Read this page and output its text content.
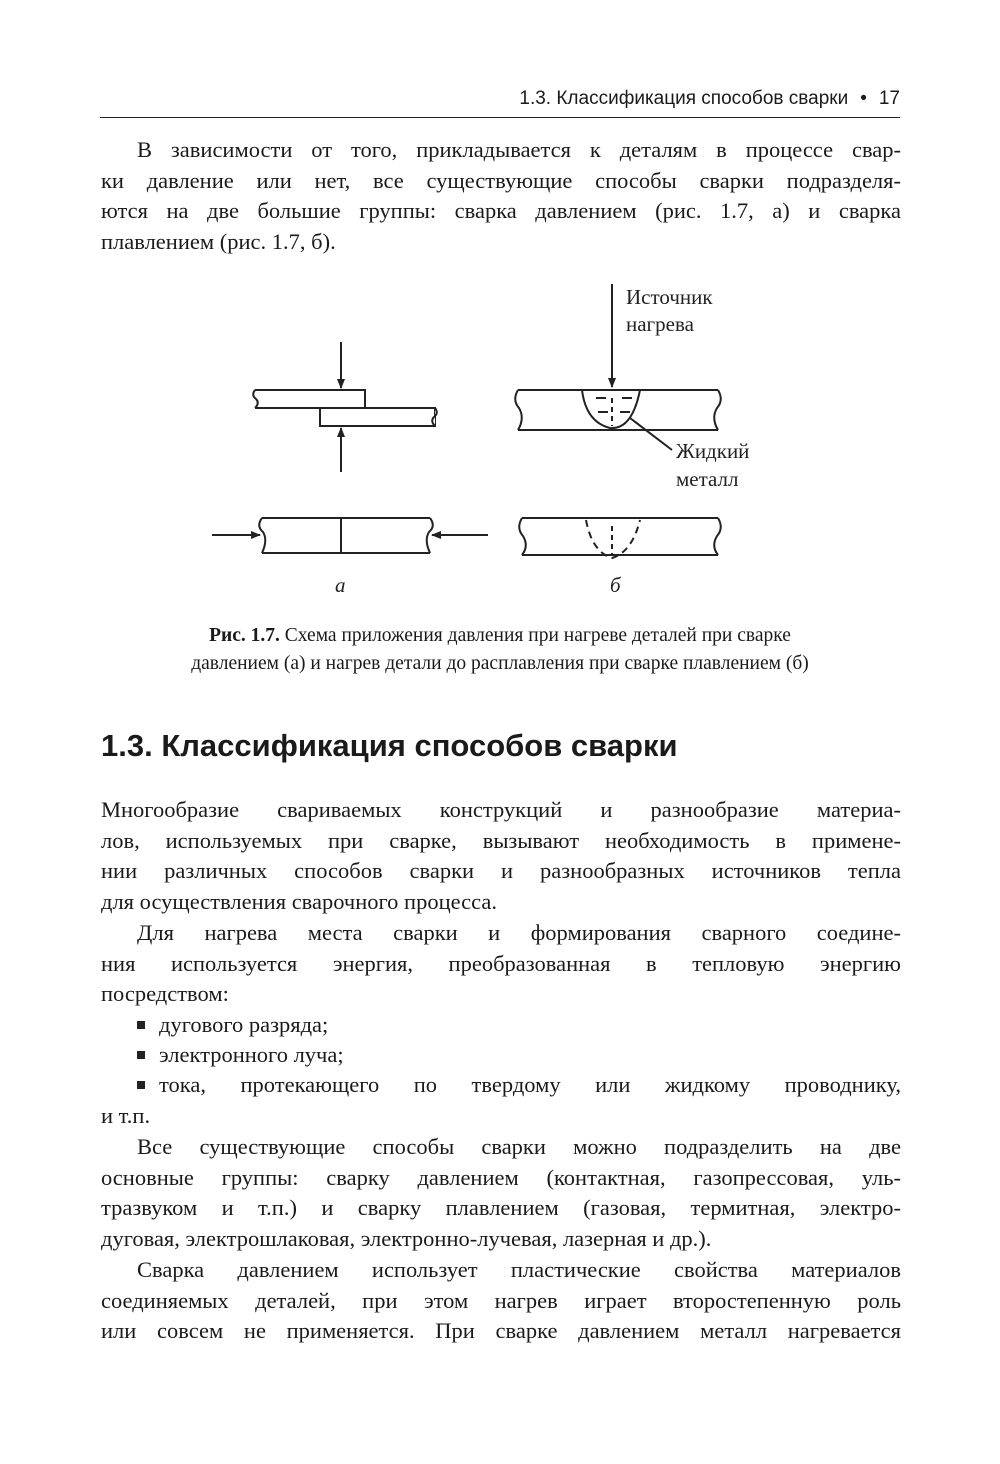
1.3. Классификация способов сварки • 17
В зависимости от того, прикладывается к деталям в процессе свар-
ки давление или нет, все существующие способы сварки подразделя-
ются на две большие группы: сварка давлением (рис. 1.7, а) и сварка
плавлением (рис. 1.7, б).
Источник
нагрева
Жидкий
металл
а	б
Рис. 1.7. Схема приложения давления при нагреве деталей при сварке
давлением (а) и нагрев детали до расплавления при сварке плавлением (б)
1.3. Классификация способов сварки
Многообразие свариваемых конструкций и разнообразие материа-
лов, используемых при сварке, вызывают необходимость в примене-
нии различных способов сварки и разнообразных источников тепла
для осуществления сварочного процесса.
Для нагрева места сварки и формирования сварного соедине-
ния используется энергия, преобразованная в тепловую энергию
посредством:
дугового разряда;
электронного луча;
тока, протекающего по твердому или жидкому проводнику,
и т.п.
Все существующие способы сварки можно подразделить на две
основные группы: сварку давлением (контактная, газопрессовая, уль-
тразвуком и т.п.) и сварку плавлением (газовая, термитная, электро-
дуговая, электрошлаковая, электронно-лучевая, лазерная и др.).
Сварка давлением использует пластические свойства материалов
соединяемых деталей, при этом нагрев играет второстепенную роль
или совсем не применяется. При сварке давлением металл нагревается
